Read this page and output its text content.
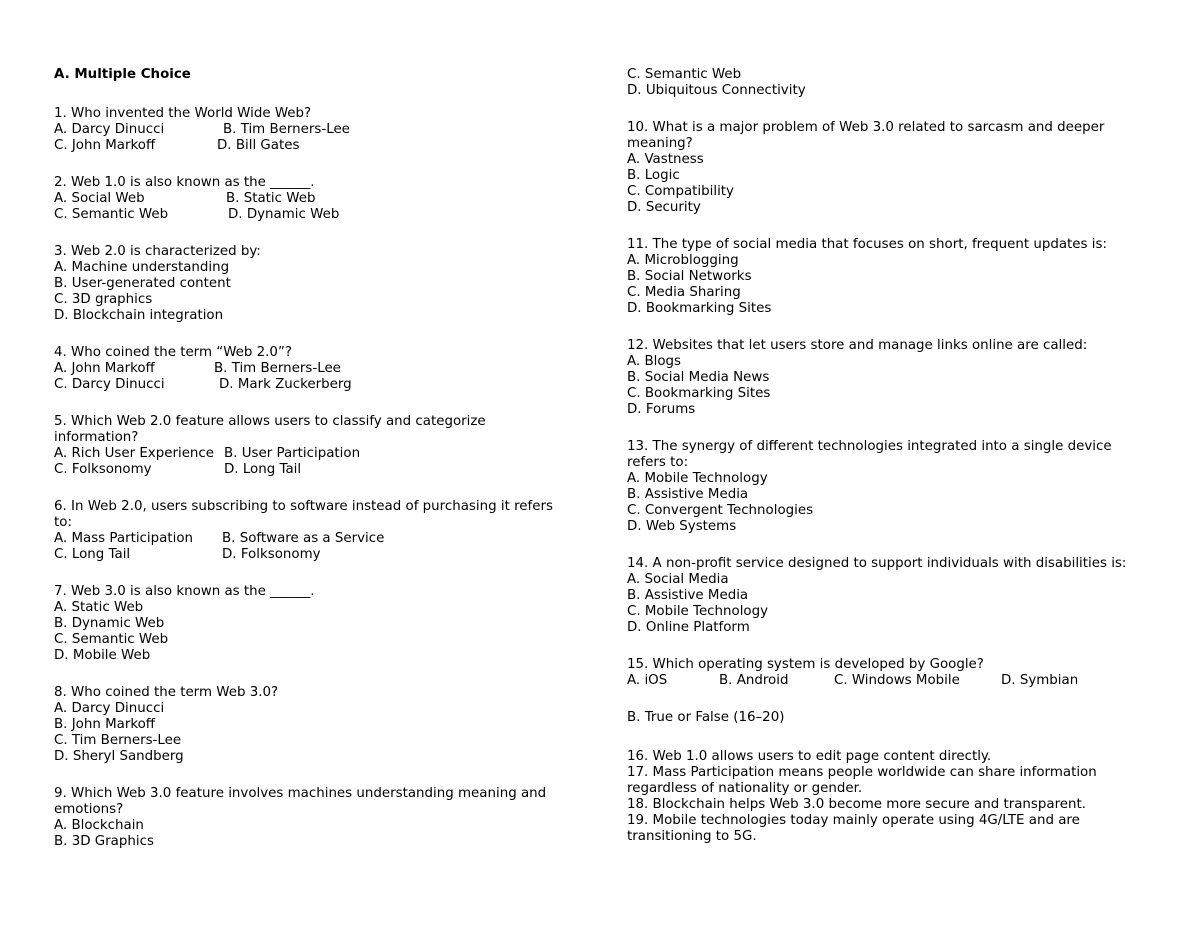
A. Multiple Choice
1. Who invented the World Wide Web?
A. Darcy Dinucci	B. Tim Berners-Lee
C. John Markoff	D. Bill Gates
2. Web 1.0 is also known as the ______.
A. Social Web	B. Static Web
C. Semantic Web	D. Dynamic Web
3. Web 2.0 is characterized by:
A. Machine understanding
B. User-generated content
C. 3D graphics
D. Blockchain integration
4. Who coined the term “Web 2.0”?
A. John Markoff	B. Tim Berners-Lee
C. Darcy Dinucci	D. Mark Zuckerberg
5. Which Web 2.0 feature allows users to classify and categorize information?
A. Rich User Experience B. User Participation
C. Folksonomy	D. Long Tail
6. In Web 2.0, users subscribing to software instead of purchasing it refers to:
A. Mass Participation B. Software as a Service
C. Long Tail	D. Folksonomy
7. Web 3.0 is also known as the ______.
A. Static Web
B. Dynamic Web
C. Semantic Web
D. Mobile Web
8. Who coined the term Web 3.0?
A. Darcy Dinucci
B. John Markoff
C. Tim Berners-Lee
D. Sheryl Sandberg
9. Which Web 3.0 feature involves machines understanding meaning and emotions?
A. Blockchain
B. 3D Graphics
C. Semantic Web
D. Ubiquitous Connectivity
10. What is a major problem of Web 3.0 related to sarcasm and deeper meaning?
A. Vastness
B. Logic
C. Compatibility
D. Security
11. The type of social media that focuses on short, frequent updates is:
A. Microblogging
B. Social Networks
C. Media Sharing
D. Bookmarking Sites
12. Websites that let users store and manage links online are called:
A. Blogs
B. Social Media News
C. Bookmarking Sites
D. Forums
13. The synergy of different technologies integrated into a single device refers to:
A. Mobile Technology
B. Assistive Media
C. Convergent Technologies
D. Web Systems
14. A non-profit service designed to support individuals with disabilities is:
A. Social Media
B. Assistive Media
C. Mobile Technology
D. Online Platform
15. Which operating system is developed by Google?
A. iOS	B. Android	C. Windows Mobile	D. Symbian
B. True or False (16–20)
16. Web 1.0 allows users to edit page content directly.
17. Mass Participation means people worldwide can share information regardless of nationality or gender.
18. Blockchain helps Web 3.0 become more secure and transparent.
19. Mobile technologies today mainly operate using 4G/LTE and are transitioning to 5G.
